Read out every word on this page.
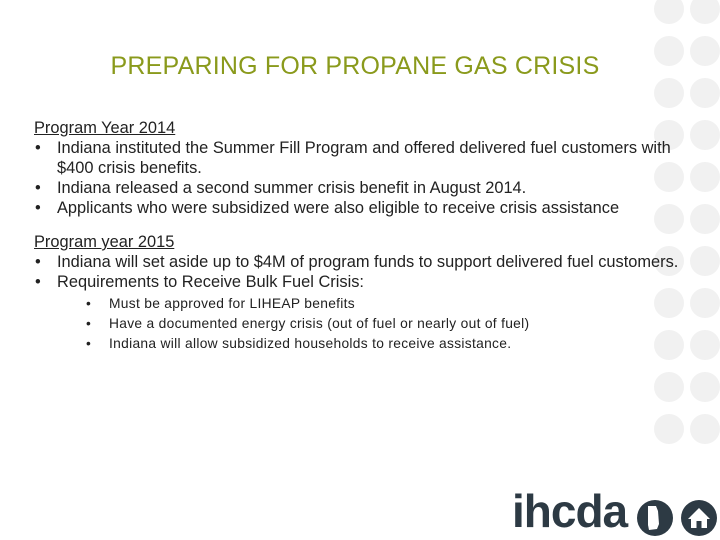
PREPARING FOR PROPANE GAS CRISIS
Program Year 2014
• Indiana instituted the Summer Fill Program and offered delivered fuel customers with $400 crisis benefits.
• Indiana released a second summer crisis benefit in August 2014.
• Applicants who were subsidized were also eligible to receive crisis assistance
Program year 2015
• Indiana will set aside up to $4M of program funds to support delivered fuel customers.
• Requirements to Receive Bulk Fuel Crisis:
• Must be approved for LIHEAP benefits
• Have a documented energy crisis (out of fuel or nearly out of fuel)
• Indiana will allow subsidized households to receive assistance.
ihcda
